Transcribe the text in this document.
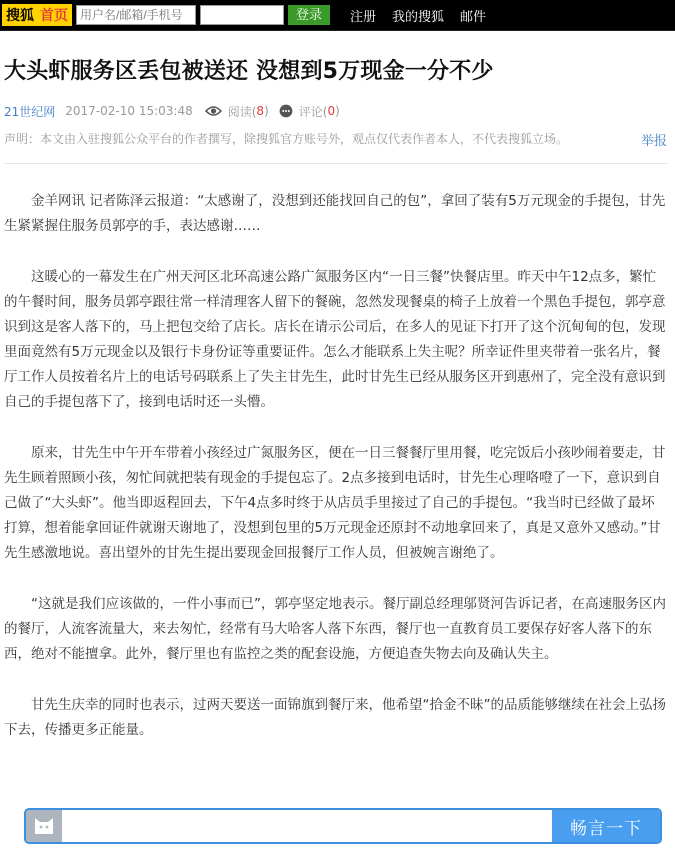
搜狐 首页
用户名/邮箱/手机号	登录	注册 我的搜狐 邮件
大头虾服务区丢包被送还 没想到5万现金一分不少
21世纪网 2017-02-10 15:03:48	阅读( 8 )	评论( 0 )
声明：本文由入驻搜狐公众平台的作者撰写，除搜狐官方账号外，观点仅代表作者本人，不代表搜狐立场。	举报

金羊网讯 记者陈泽云报道：“太感谢了，没想到还能找回自己的包”，拿回了装有5万元现金的手提包，甘先生紧紧握住服务员郭亭的手，表达感谢……

这暖心的一幕发生在广州天河区北环高速公路广氮服务区内“一日三餐”快餐店里。昨天中午12点多，繁忙的午餐时间，服务员郭亭跟往常一样清理客人留下的餐碗，忽然发现餐桌的椅子上放着一个黑色手提包，郭亭意识到这是客人落下的，马上把包交给了店长。店长在请示公司后，在多人的见证下打开了这个沉甸甸的包，发现里面竟然有5万元现金以及银行卡身份证等重要证件。怎么才能联系上失主呢？所幸证件里夹带着一张名片，餐厅工作人员按着名片上的电话号码联系上了失主甘先生，此时甘先生已经从服务区开到惠州了，完全没有意识到自己的手提包落下了，接到电话时还一头懵。

原来，甘先生中午开车带着小孩经过广氮服务区，便在一日三餐餐厅里用餐，吃完饭后小孩吵闹着要走，甘先生顾着照顾小孩，匆忙间就把装有现金的手提包忘了。2点多接到电话时，甘先生心理咯噔了一下，意识到自己做了“大头虾”。他当即返程回去，下午4点多时终于从店员手里接过了自己的手提包。“我当时已经做了最坏打算，想着能拿回证件就谢天谢地了，没想到包里的5万元现金还原封不动地拿回来了，真是又意外又感动。”甘先生感激地说。喜出望外的甘先生提出要现金回报餐厅工作人员，但被婉言谢绝了。

“这就是我们应该做的，一件小事而已”，郭亭坚定地表示。餐厅副总经理邬贤河告诉记者，在高速服务区内的餐厅，人流客流量大，来去匆忙，经常有马大哈客人落下东西，餐厅也一直教育员工要保存好客人落下的东西，绝对不能擅拿。此外，餐厅里也有监控之类的配套设施，方便追查失物去向及确认失主。

甘先生庆幸的同时也表示，过两天要送一面锦旗到餐厅来，他希望“拾金不昧”的品质能够继续在社会上弘扬下去，传播更多正能量。

畅言一下
